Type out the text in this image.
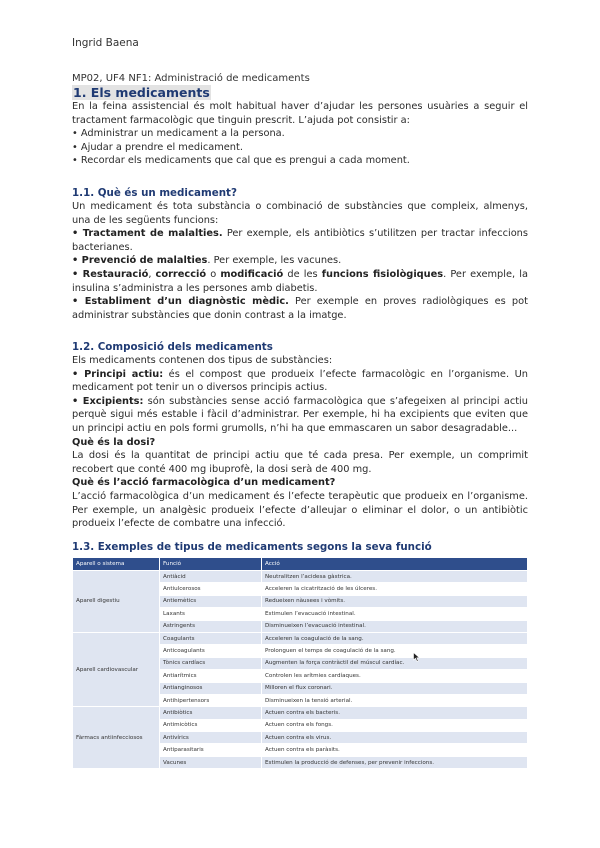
Ingrid Baena
MP02, UF4 NF1: Administració de medicaments
1. Els medicaments

En la feina assistencial és molt habitual haver d’ajudar les persones usuàries a seguir el tractament farmacològic que tinguin prescrit. L’ajuda pot consistir a:

• Administrar un medicament a la persona.

• Ajudar a prendre el medicament.

• Recordar els medicaments que cal que es prengui a cada moment.

1.1. Què és un medicament?

Un medicament és tota substància o combinació de substàncies que compleix, almenys, una de les següents funcions:

• Tractament de malalties. Per exemple, els antibiòtics s’utilitzen per tractar infeccions bacterianes.

• Prevenció de malalties. Per exemple, les vacunes.

• Restauració, correcció o modificació de les funcions fisiològiques. Per exemple, la insulina s’administra a les persones amb diabetis.

• Establiment d’un diagnòstic mèdic. Per exemple en proves radiològiques es pot administrar substàncies que donin contrast a la imatge.

1.2. Composició dels medicaments

Els medicaments contenen dos tipus de substàncies:

• Principi actiu: és el compost que produeix l’efecte farmacològic en l’organisme. Un medicament pot tenir un o diversos principis actius.

• Excipients: són substàncies sense acció farmacològica que s’afegeixen al principi actiu perquè sigui més estable i fàcil d’administrar. Per exemple, hi ha excipients que eviten que un principi actiu en pols formi grumolls, n’hi ha que emmascaren un sabor desagradable...

Què és la dosi?

La dosi és la quantitat de principi actiu que té cada presa. Per exemple, un comprimit recobert que conté 400 mg ibuprofè, la dosi serà de 400 mg.

Què és l’acció farmacològica d’un medicament?

L’acció farmacològica d’un medicament és l’efecte terapèutic que produeix en l’organisme. Per exemple, un analgèsic produeix l’efecte d’alleujar o eliminar el dolor, o un antibiòtic produeix l’efecte de combatre una infecció.

1.3. Exemples de tipus de medicaments segons la seva funció
Aparell o sistema	Funció	Acció
Aparell digestiu	Antiàcid	Neutralitzen l’acidesa gàstrica.
	Antiulcerosos	Acceleren la cicatrització de les úlceres.
	Antiemètics	Redueixen nàusees i vòmits.
	Laxants	Estimulen l’evacuació intestinal.
	Astringents	Disminueixen l’evacuació intestinal.
Aparell cardiovascular	Coagulants	Acceleren la coagulació de la sang.
	Anticoagulants	Prolonguen el temps de coagulació de la sang.
	Tònics cardíacs	Augmenten la força contràctil del múscul cardíac.
	Antiarítmics	Controlen les arítmies cardíaques.
	Antianginosos	Milloren el flux coronari.
	Antihipertensors	Disminueixen la tensió arterial.
Fàrmacs antiinfecciosos	Antibiòtics	Actuen contra els bacteris.
	Antimicòtics	Actuen contra els fongs.
	Antivírics	Actuen contra els virus.
	Antiparasitaris	Actuen contra els paràsits.
	Vacunes	Estimulen la producció de defenses, per prevenir infeccions.
